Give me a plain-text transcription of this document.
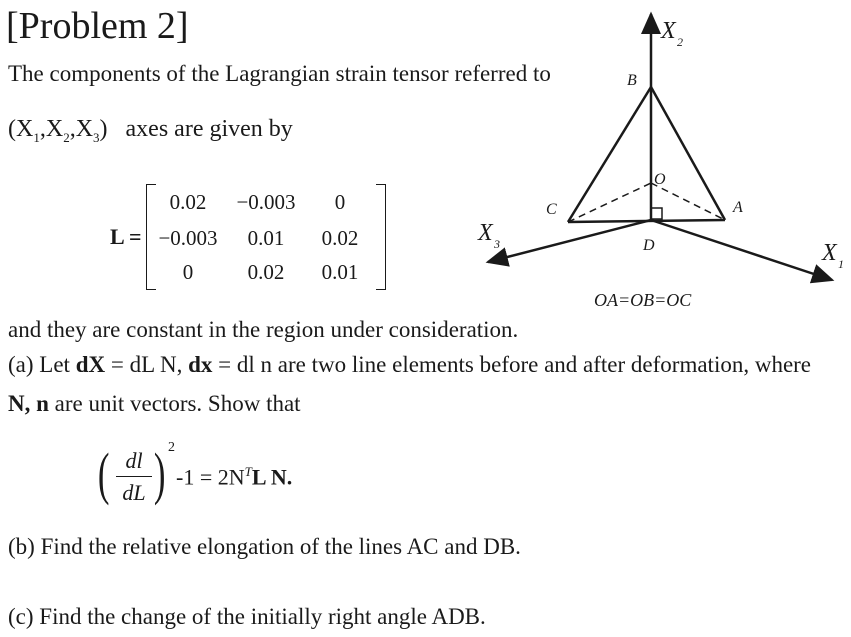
[Problem 2]
The components of the Lagrangian strain tensor referred to
$(X_1,X_2,X_3)$ axes are given by
L =
0.02	−0.003	0
−0.003	0.01	0.02
0	0.02	0.01
X 2
B
O
C	A
D
X 3	X 1
OA=OB=OC
and they are constant in the region under consideration.
(a) Let dX = dL N, dx = dl n are two line elements before and after deformation, where
N, n are unit vectors. Show that
( dl
dL ) 2
$-1 = 2N^TL$ N.
(b) Find the relative elongation of the lines AC and DB.
(c) Find the change of the initially right angle ADB.
